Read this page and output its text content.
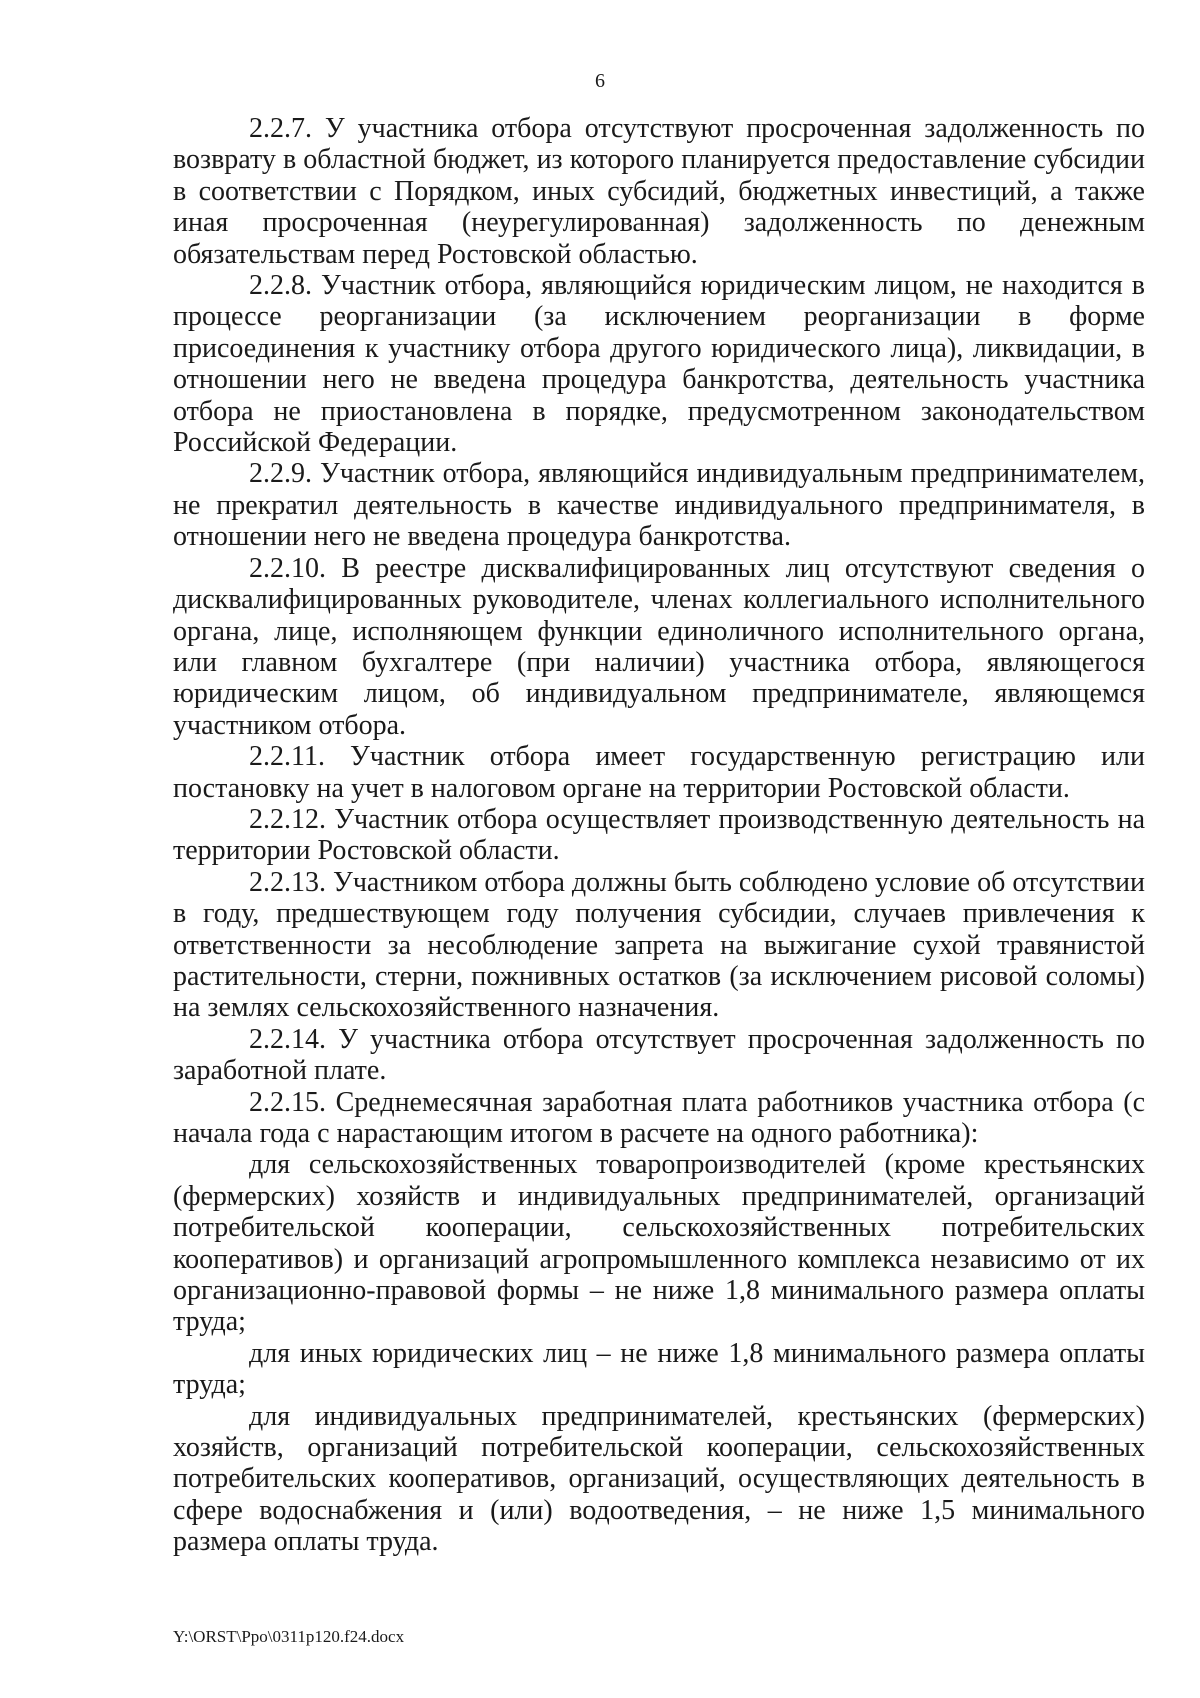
6

2.2.7. У участника отбора отсутствуют просроченная задолженность по возврату в областной бюджет, из которого планируется предоставление субсидии в соответствии с Порядком, иных субсидий, бюджетных инвестиций, а также иная просроченная (неурегулированная) задолженность по денежным обязательствам перед Ростовской областью.

2.2.8. Участник отбора, являющийся юридическим лицом, не находится в процессе реорганизации (за исключением реорганизации в форме присоединения к участнику отбора другого юридического лица), ликвидации, в отношении него не введена процедура банкротства, деятельность участника отбора не приостановлена в порядке, предусмотренном законодательством Российской Федерации.

2.2.9. Участник отбора, являющийся индивидуальным предпринимателем, не прекратил деятельность в качестве индивидуального предпринимателя, в отношении него не введена процедура банкротства.

2.2.10. В реестре дисквалифицированных лиц отсутствуют сведения о дисквалифицированных руководителе, членах коллегиального исполнительного органа, лице, исполняющем функции единоличного исполнительного органа, или главном бухгалтере (при наличии) участника отбора, являющегося юридическим лицом, об индивидуальном предпринимателе, являющемся участником отбора.

2.2.11. Участник отбора имеет государственную регистрацию или постановку на учет в налоговом органе на территории Ростовской области.

2.2.12. Участник отбора осуществляет производственную деятельность на территории Ростовской области.

2.2.13. Участником отбора должны быть соблюдено условие об отсутствии в году, предшествующем году получения субсидии, случаев привлечения к ответственности за несоблюдение запрета на выжигание сухой травянистой растительности, стерни, пожнивных остатков (за исключением рисовой соломы) на землях сельскохозяйственного назначения.

2.2.14. У участника отбора отсутствует просроченная задолженность по заработной плате.

2.2.15. Среднемесячная заработная плата работников участника отбора (с начала года с нарастающим итогом в расчете на одного работника):

для сельскохозяйственных товаропроизводителей (кроме крестьянских (фермерских) хозяйств и индивидуальных предпринимателей, организаций потребительской кооперации, сельскохозяйственных потребительских кооперативов) и организаций агропромышленного комплекса независимо от их организационно-правовой формы – не ниже 1,8 минимального размера оплаты труда;

для иных юридических лиц – не ниже 1,8 минимального размера оплаты труда;

для индивидуальных предпринимателей, крестьянских (фермерских) хозяйств, организаций потребительской кооперации, сельскохозяйственных потребительских кооперативов, организаций, осуществляющих деятельность в сфере водоснабжения и (или) водоотведения, – не ниже 1,5 минимального размера оплаты труда.

Y:\ORST\Ppo\0311p120.f24.docx
